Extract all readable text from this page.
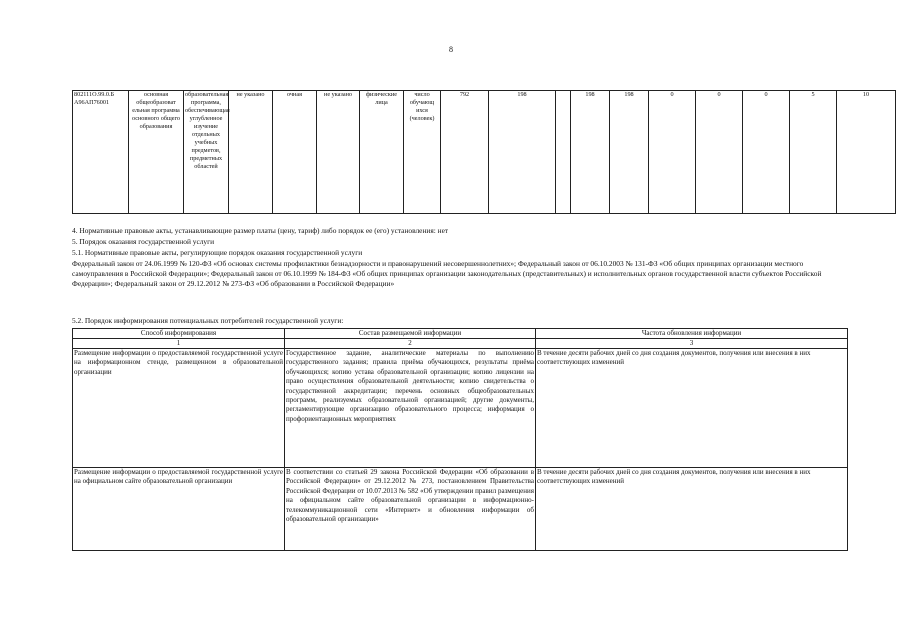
8
802111О.99.0.Б А96АП76001	основная общеобразоват ельная программа основного общего образования	образовательная программа, обеспечивающая углубленное изучение отдельных учебных предметов, предметных областей	не указано	очная	не указано	физические лица	число обучающ ихся (человек)	792	198		198	198	0	0	0	5	10
4. Нормативные правовые акты, устанавливающие размер платы (цену, тариф) либо порядок ее (его) установления: нет
5. Порядок оказания государственной услуги
5.1. Нормативные правовые акты, регулирующие порядок оказания государственной услуги
Федеральный закон от 24.06.1999 № 120-ФЗ «Об основах системы профилактики безнадзорности и правонарушений несовершеннолетних»; Федеральный закон от 06.10.2003 № 131-ФЗ «Об общих принципах организации местного самоуправления в Российской Федерации»; Федеральный закон от 06.10.1999 № 184-ФЗ «Об общих принципах организации законодательных (представительных) и исполнительных органов государственной власти субъектов Российской Федерации»; Федеральный закон от 29.12.2012 № 273-ФЗ «Об образовании в Российской Федерации»
5.2. Порядок информирования потенциальных потребителей государственной услуги:
Способ информирования	Состав размещаемой информации	Частота обновления информации
1	2	3
Размещение информации о предоставляемой государственной услуге на информационном стенде, размещенном в образовательной организации	Государственное задание, аналитические материалы по выполнению государственного задания; правила приёма обучающихся, результаты приёма обучающихся; копию устава образовательной организации; копию лицензии на право осуществления образовательной деятельности; копию свидетельства о государственной аккредитации; перечень основных общеобразовательных программ, реализуемых образовательной организацией; другие документы, регламентирующие организацию образовательного процесса; информация о профориентационных мероприятиях	В течение десяти рабочих дней со дня создания документов, получения или внесения в них соответствующих изменений
Размещение информации о предоставляемой государственной услуге на официальном сайте образовательной организации	В соответствии со статьей 29 закона Российской Федерации «Об образовании в Российской Федерации» от 29.12.2012 № 273, постановлением Правительства Российской Федерации от 10.07.2013 № 582 «Об утверждении правил размещения на официальном сайте образовательной организации в информационно-телекоммуникационной сети «Интернет» и обновления информации об образовательной организации»	В течение десяти рабочих дней со дня создания документов, получения или внесения в них соответствующих изменений
